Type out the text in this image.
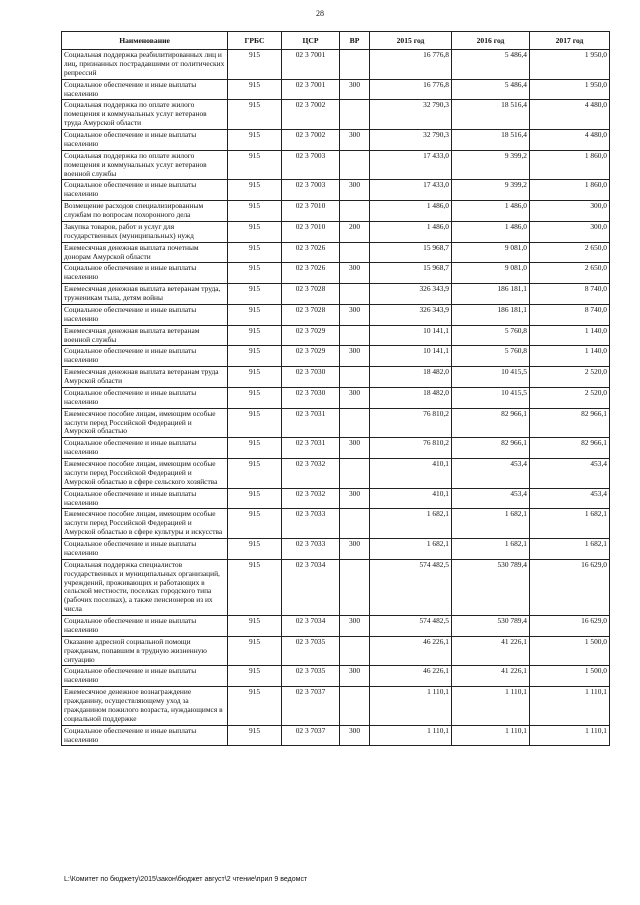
28
Наименование	ГРБС	ЦСР	ВР	2015 год	2016 год	2017 год
Социальная поддержка реабилитированных лиц и лиц, признанных пострадавшими от политических репрессий	915	02 3 7001		16 776,8	5 486,4	1 950,0
Социальное обеспечение и иные выплаты населению	915	02 3 7001	300	16 776,8	5 486,4	1 950,0
Социальная поддержка по оплате жилого помещения и коммунальных услуг ветеранов труда Амурской области	915	02 3 7002		32 790,3	18 516,4	4 480,0
Социальное обеспечение и иные выплаты населению	915	02 3 7002	300	32 790,3	18 516,4	4 480,0
Социальная поддержка по оплате жилого помещения и коммунальных услуг ветеранов военной службы	915	02 3 7003		17 433,0	9 399,2	1 860,0
Социальное обеспечение и иные выплаты населению	915	02 3 7003	300	17 433,0	9 399,2	1 860,0
Возмещение расходов специализированным службам по вопросам похоронного дела	915	02 3 7010		1 486,0	1 486,0	300,0
Закупка товаров, работ и услуг для государственных (муниципальных) нужд	915	02 3 7010	200	1 486,0	1 486,0	300,0
Ежемесячная денежная выплата почетным донорам Амурской области	915	02 3 7026		15 968,7	9 081,0	2 650,0
Социальное обеспечение и иные выплаты населению	915	02 3 7026	300	15 968,7	9 081,0	2 650,0
Ежемесячная денежная выплата ветеранам труда, труженикам тыла, детям войны	915	02 3 7028		326 343,9	186 181,1	8 740,0
Социальное обеспечение и иные выплаты населению	915	02 3 7028	300	326 343,9	186 181,1	8 740,0
Ежемесячная денежная выплата ветеранам военной службы	915	02 3 7029		10 141,1	5 760,8	1 140,0
Социальное обеспечение и иные выплаты населению	915	02 3 7029	300	10 141,1	5 760,8	1 140,0
Ежемесячная денежная выплата ветеранам труда Амурской области	915	02 3 7030		18 482,0	10 415,5	2 520,0
Социальное обеспечение и иные выплаты населению	915	02 3 7030	300	18 482,0	10 415,5	2 520,0
Ежемесячное пособие лицам, имеющим особые заслуги перед Российской Федерацией и Амурской областью	915	02 3 7031		76 810,2	82 966,1	82 966,1
Социальное обеспечение и иные выплаты населению	915	02 3 7031	300	76 810,2	82 966,1	82 966,1
Ежемесячное пособие лицам, имеющим особые заслуги перед Российской Федерацией и Амурской областью в сфере сельского хозяйства	915	02 3 7032		410,1	453,4	453,4
Социальное обеспечение и иные выплаты населению	915	02 3 7032	300	410,1	453,4	453,4
Ежемесячное пособие лицам, имеющим особые заслуги перед Российской Федерацией и Амурской областью в сфере культуры и искусства	915	02 3 7033		1 682,1	1 682,1	1 682,1
Социальное обеспечение и иные выплаты населению	915	02 3 7033	300	1 682,1	1 682,1	1 682,1
Социальная поддержка специалистов государственных и муниципальных организаций, учреждений, проживающих и работающих в сельской местности, поселках городского типа (рабочих поселках), а также пенсионеров из их числа	915	02 3 7034		574 482,5	530 789,4	16 629,0
Социальное обеспечение и иные выплаты населению	915	02 3 7034	300	574 482,5	530 789,4	16 629,0
Оказание адресной социальной помощи гражданам, попавшим в трудную жизненную ситуацию	915	02 3 7035		46 226,1	41 226,1	1 500,0
Социальное обеспечение и иные выплаты населению	915	02 3 7035	300	46 226,1	41 226,1	1 500,0
Ежемесячное денежное вознаграждение гражданину, осуществляющему уход за гражданином пожилого возраста, нуждающимся в социальной поддержке	915	02 3 7037		1 110,1	1 110,1	1 110,1
Социальное обеспечение и иные выплаты населению	915	02 3 7037	300	1 110,1	1 110,1	1 110,1
L:\Комитет по бюджету\2015\закон\бюджет август\2 чтение\прил 9 ведомст
